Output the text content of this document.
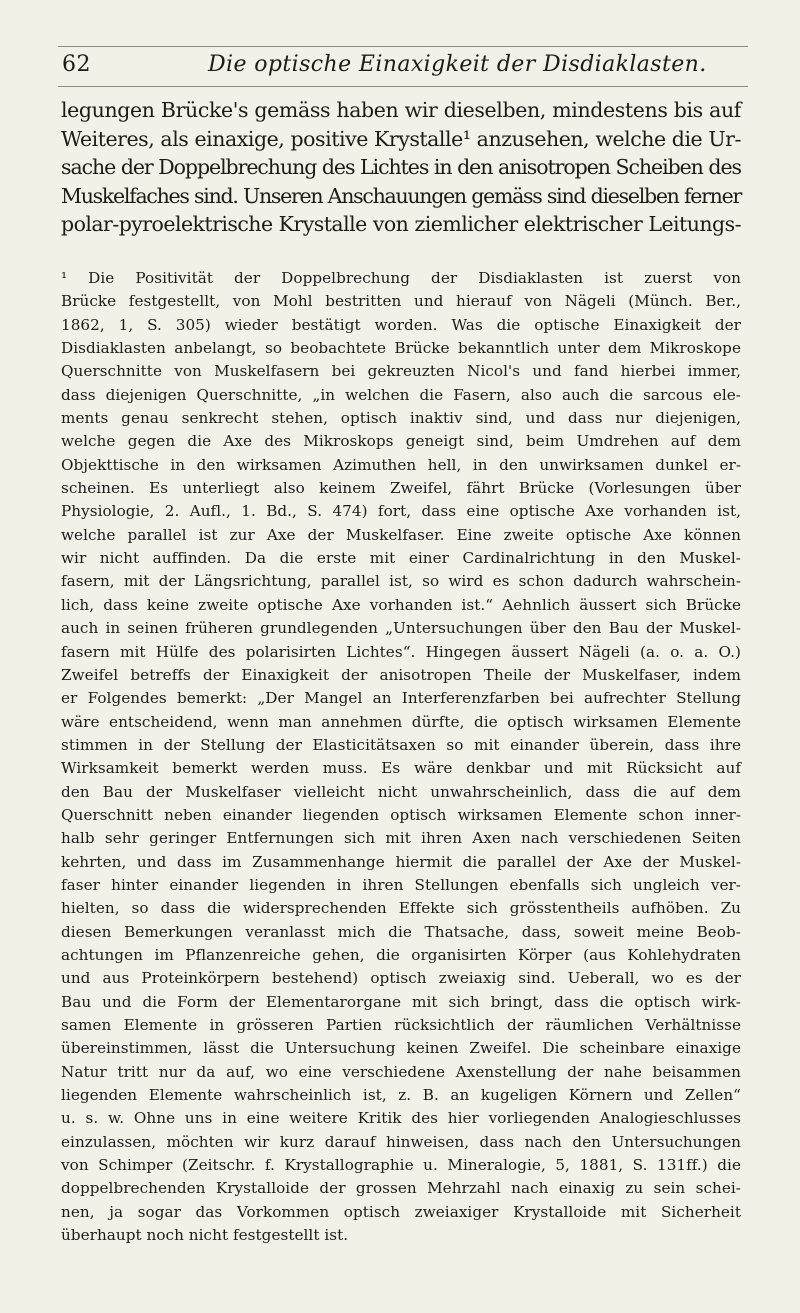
62	Die optische Einaxigkeit der Disdiaklasten.
legungen Brücke's gemäss haben wir dieselben, mindestens bis auf
Weiteres, als einaxige, positive Krystalle¹ anzusehen, welche die Ur-
sache der Doppelbrechung des Lichtes in den anisotropen Scheiben des
Muskelfaches sind. Unseren Anschauungen gemäss sind dieselben ferner
polar-pyroelektrische Krystalle von ziemlicher elektrischer Leitungs-
¹ Die Positivität der Doppelbrechung der Disdiaklasten ist zuerst von
Brücke festgestellt, von Mohl bestritten und hierauf von Nägeli (Münch. Ber.,
1862, 1, S. 305) wieder bestätigt worden. Was die optische Einaxigkeit der
Disdiaklasten anbelangt, so beobachtete Brücke bekanntlich unter dem Mikroskope
Querschnitte von Muskelfasern bei gekreuzten Nicol's und fand hierbei immer,
dass diejenigen Querschnitte, „in welchen die Fasern, also auch die sarcous ele-
ments genau senkrecht stehen, optisch inaktiv sind, und dass nur diejenigen,
welche gegen die Axe des Mikroskops geneigt sind, beim Umdrehen auf dem
Objekttische in den wirksamen Azimuthen hell, in den unwirksamen dunkel er-
scheinen. Es unterliegt also keinem Zweifel, fährt Brücke (Vorlesungen über
Physiologie, 2. Aufl., 1. Bd., S. 474) fort, dass eine optische Axe vorhanden ist,
welche parallel ist zur Axe der Muskelfaser. Eine zweite optische Axe können
wir nicht auffinden. Da die erste mit einer Cardinalrichtung in den Muskel-
fasern, mit der Längsrichtung, parallel ist, so wird es schon dadurch wahrschein-
lich, dass keine zweite optische Axe vorhanden ist.“ Aehnlich äussert sich Brücke
auch in seinen früheren grundlegenden „Untersuchungen über den Bau der Muskel-
fasern mit Hülfe des polarisirten Lichtes“. Hingegen äussert Nägeli (a. o. a. O.)
Zweifel betreffs der Einaxigkeit der anisotropen Theile der Muskelfaser, indem
er Folgendes bemerkt: „Der Mangel an Interferenzfarben bei aufrechter Stellung
wäre entscheidend, wenn man annehmen dürfte, die optisch wirksamen Elemente
stimmen in der Stellung der Elasticitätsaxen so mit einander überein, dass ihre
Wirksamkeit bemerkt werden muss. Es wäre denkbar und mit Rücksicht auf
den Bau der Muskelfaser vielleicht nicht unwahrscheinlich, dass die auf dem
Querschnitt neben einander liegenden optisch wirksamen Elemente schon inner-
halb sehr geringer Entfernungen sich mit ihren Axen nach verschiedenen Seiten
kehrten, und dass im Zusammenhange hiermit die parallel der Axe der Muskel-
faser hinter einander liegenden in ihren Stellungen ebenfalls sich ungleich ver-
hielten, so dass die widersprechenden Effekte sich grösstentheils aufhöben. Zu
diesen Bemerkungen veranlasst mich die Thatsache, dass, soweit meine Beob-
achtungen im Pflanzenreiche gehen, die organisirten Körper (aus Kohlehydraten
und aus Proteinkörpern bestehend) optisch zweiaxig sind. Ueberall, wo es der
Bau und die Form der Elementarorgane mit sich bringt, dass die optisch wirk-
samen Elemente in grösseren Partien rücksichtlich der räumlichen Verhältnisse
übereinstimmen, lässt die Untersuchung keinen Zweifel. Die scheinbare einaxige
Natur tritt nur da auf, wo eine verschiedene Axenstellung der nahe beisammen
liegenden Elemente wahrscheinlich ist, z. B. an kugeligen Körnern und Zellen“
u. s. w. Ohne uns in eine weitere Kritik des hier vorliegenden Analogieschlusses
einzulassen, möchten wir kurz darauf hinweisen, dass nach den Untersuchungen
von Schimper (Zeitschr. f. Krystallographie u. Mineralogie, 5, 1881, S. 131ff.) die
doppelbrechenden Krystalloide der grossen Mehrzahl nach einaxig zu sein schei-
nen, ja sogar das Vorkommen optisch zweiaxiger Krystalloide mit Sicherheit
überhaupt noch nicht festgestellt ist.
